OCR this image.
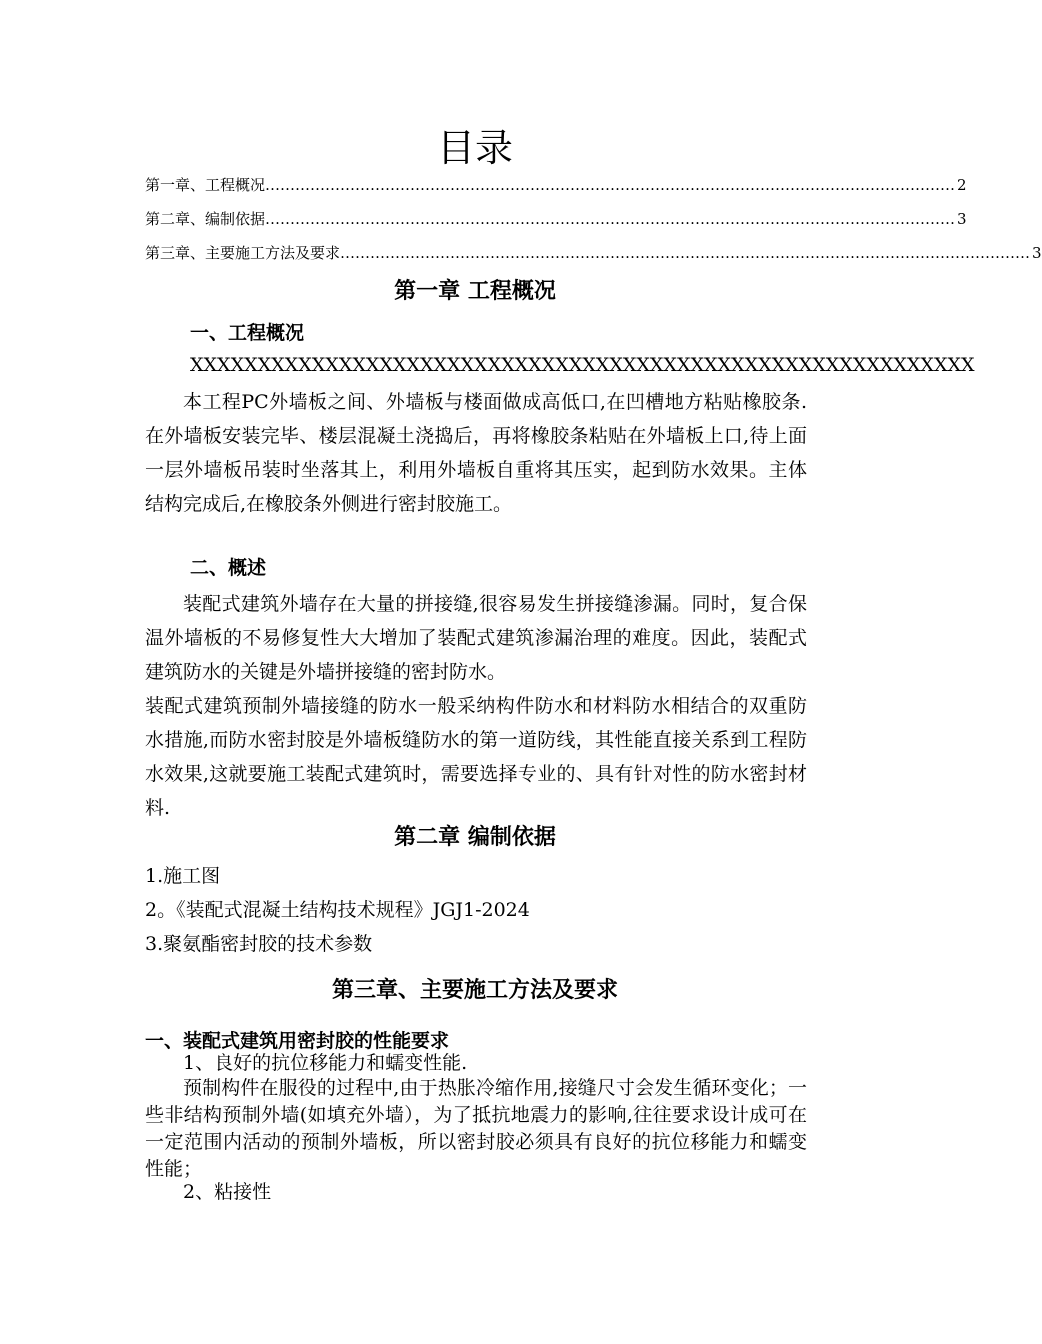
目录
第一章、工程概况 ………………………………………………………………………………………………………………………… 2
第二章、编制依据 ………………………………………………………………………………………………………………………… 3
第三章、主要施工方法及要求 ………………………………………………………………………………………………………………………… 3
第一章 工程概况
一、工程概况
XXXXXXXXXXXXXXXXXXXXXXXXXXXXXXXXXXXXXXXXXXXXXXXXXXXXXXXXXX
本工程PC外墙板之间、外墙板与楼面做成高低口,在凹槽地方粘贴橡胶条.在外墙板安装完毕、楼层混凝土浇捣后，再将橡胶条粘贴在外墙板上口,待上面一层外墙板吊装时坐落其上，利用外墙板自重将其压实，起到防水效果。主体结构完成后,在橡胶条外侧进行密封胶施工。
二、概述
装配式建筑外墙存在大量的拼接缝,很容易发生拼接缝渗漏。同时，复合保温外墙板的不易修复性大大增加了装配式建筑渗漏治理的难度。因此，装配式建筑防水的关键是外墙拼接缝的密封防水。
装配式建筑预制外墙接缝的防水一般采纳构件防水和材料防水相结合的双重防水措施,而防水密封胶是外墙板缝防水的第一道防线，其性能直接关系到工程防水效果,这就要施工装配式建筑时，需要选择专业的、具有针对性的防水密封材料.
第二章 编制依据
1.施工图
2。《装配式混凝土结构技术规程》JGJ1-2024
3.聚氨酯密封胶的技术参数
第三章、主要施工方法及要求
一、装配式建筑用密封胶的性能要求
1、良好的抗位移能力和蠕变性能.
预制构件在服役的过程中,由于热胀冷缩作用,接缝尺寸会发生循环变化；一些非结构预制外墙(如填充外墙），为了抵抗地震力的影响,往往要求设计成可在一定范围内活动的预制外墙板，所以密封胶必须具有良好的抗位移能力和蠕变性能；
2、粘接性
